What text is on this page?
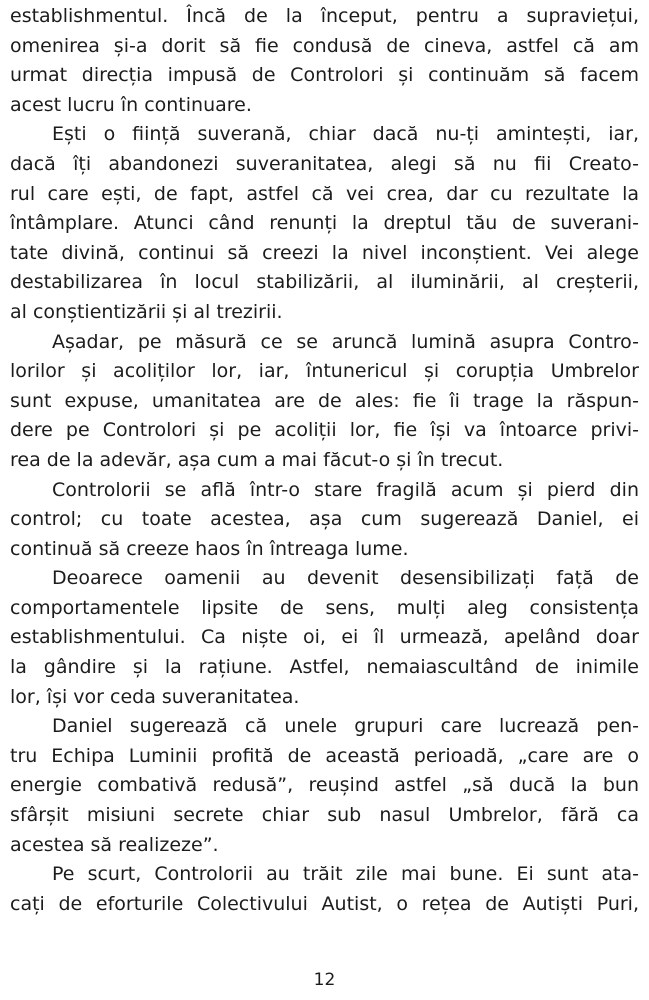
establishmentul. Încă de la început, pentru a supraviețui,
omenirea și-a dorit să fie condusă de cineva, astfel că am
urmat direcția impusă de Controlori și continuăm să facem
acest lucru în continuare.
Ești o ființă suverană, chiar dacă nu-ți amintești, iar,
dacă îți abandonezi suveranitatea, alegi să nu fii Creato-
rul care ești, de fapt, astfel că vei crea, dar cu rezultate la
întâmplare. Atunci când renunți la dreptul tău de suverani-
tate divină, continui să creezi la nivel inconștient. Vei alege
destabilizarea în locul stabilizării, al iluminării, al creșterii,
al conștientizării și al trezirii.
Așadar, pe măsură ce se aruncă lumină asupra Contro-
lorilor și acoliților lor, iar, întunericul și corupția Umbrelor
sunt expuse, umanitatea are de ales: fie îi trage la răspun-
dere pe Controlori și pe acoliții lor, fie își va întoarce privi-
rea de la adevăr, așa cum a mai făcut-o și în trecut.
Controlorii se află într-o stare fragilă acum și pierd din
control; cu toate acestea, așa cum sugerează Daniel, ei
continuă să creeze haos în întreaga lume.
Deoarece oamenii au devenit desensibilizați față de
comportamentele lipsite de sens, mulți aleg consistența
establishmentului. Ca niște oi, ei îl urmează, apelând doar
la gândire și la rațiune. Astfel, nemaiascultând de inimile
lor, își vor ceda suveranitatea.
Daniel sugerează că unele grupuri care lucrează pen-
tru Echipa Luminii profită de această perioadă, „care are o
energie combativă redusă”, reușind astfel „să ducă la bun
sfârșit misiuni secrete chiar sub nasul Umbrelor, fără ca
acestea să realizeze”.
Pe scurt, Controlorii au trăit zile mai bune. Ei sunt ata-
cați de eforturile Colectivului Autist, o rețea de Autiști Puri,
12
